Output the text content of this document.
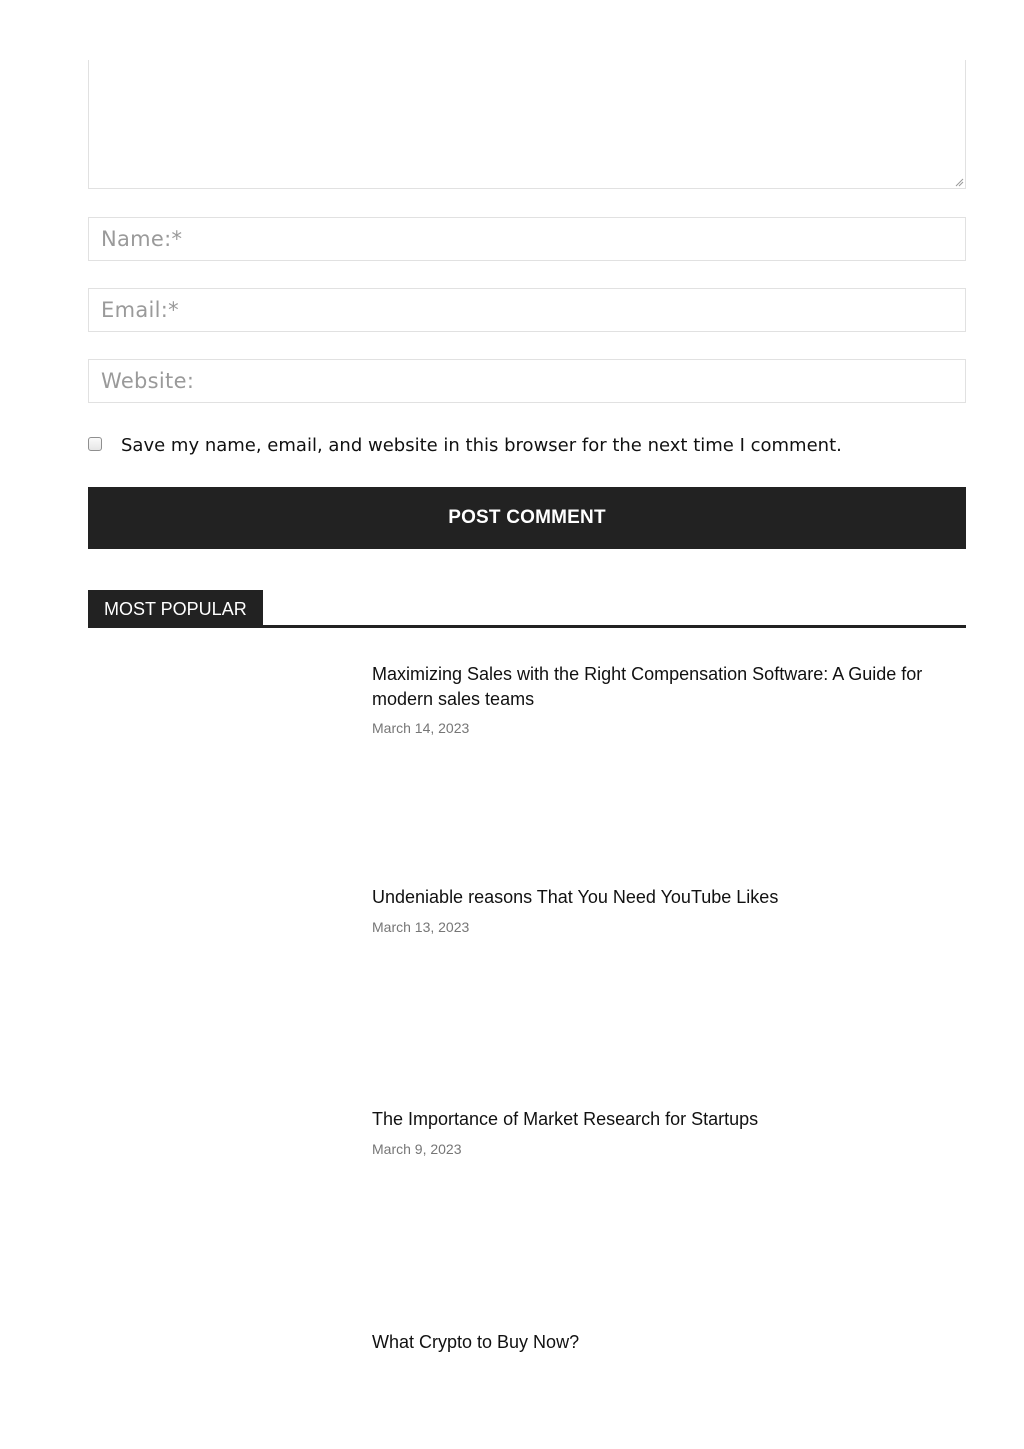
Name:*
Email:*
Website:
Save my name, email, and website in this browser for the next time I comment.
POST COMMENT
MOST POPULAR
Maximizing Sales with the Right Compensation Software: A Guide for modern sales teams
March 14, 2023
Undeniable reasons That You Need YouTube Likes
March 13, 2023
The Importance of Market Research for Startups
March 9, 2023
What Crypto to Buy Now?
